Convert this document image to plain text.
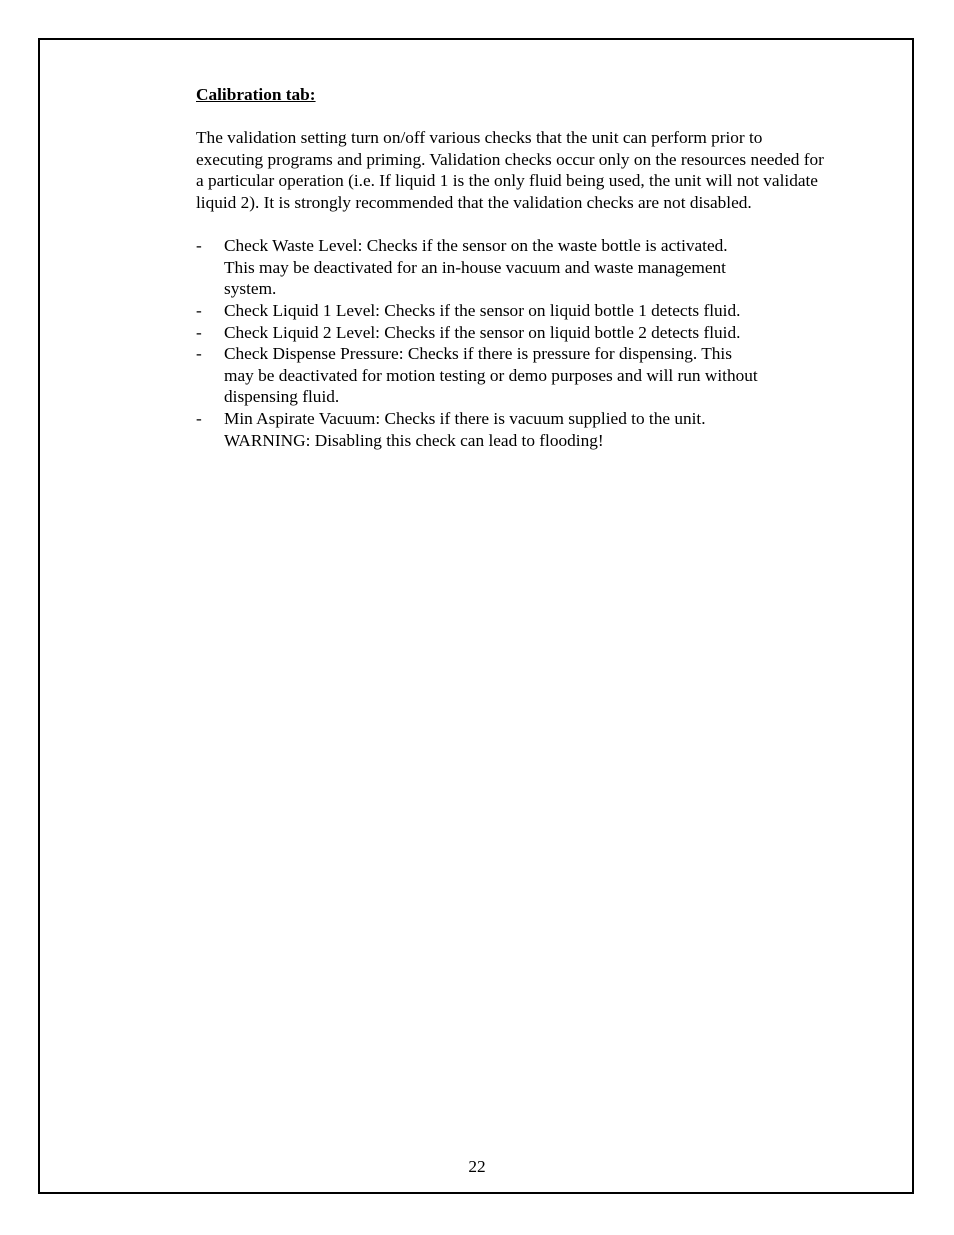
Calibration tab:

The validation setting turn on/off various checks that the unit can perform prior to executing programs and priming. Validation checks occur only on the resources needed for a particular operation (i.e. If liquid 1 is the only fluid being used, the unit will not validate liquid 2). It is strongly recommended that the validation checks are not disabled.

- Check Waste Level: Checks if the sensor on the waste bottle is activated.
This may be deactivated for an in-house vacuum and waste management
system.
- Check Liquid 1 Level: Checks if the sensor on liquid bottle 1 detects fluid.
- Check Liquid 2 Level: Checks if the sensor on liquid bottle 2 detects fluid.
- Check Dispense Pressure: Checks if there is pressure for dispensing. This
may be deactivated for motion testing or demo purposes and will run without
dispensing fluid.
- Min Aspirate Vacuum: Checks if there is vacuum supplied to the unit.
WARNING: Disabling this check can lead to flooding!
22
